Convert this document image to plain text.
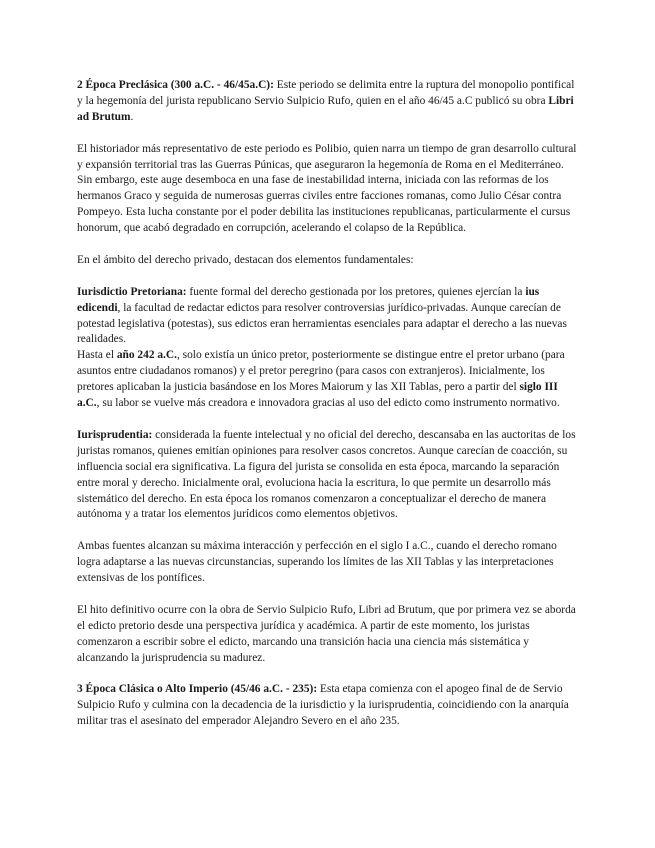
2 Época Preclásica (300 a.C. - 46/45a.C): Este periodo se delimita entre la ruptura del monopolio pontifical y la hegemonía del jurista republicano Servio Sulpicio Rufo, quien en el año 46/45 a.C publicó su obra Libri ad Brutum.

El historiador más representativo de este periodo es Polibio, quien narra un tiempo de gran desarrollo cultural y expansión territorial tras las Guerras Púnicas, que aseguraron la hegemonía de Roma en el Mediterráneo. Sin embargo, este auge desemboca en una fase de inestabilidad interna, iniciada con las reformas de los hermanos Graco y seguida de numerosas guerras civiles entre facciones romanas, como Julio César contra Pompeyo. Esta lucha constante por el poder debilita las instituciones republicanas, particularmente el cursus honorum, que acabó degradado en corrupción, acelerando el colapso de la República.

En el ámbito del derecho privado, destacan dos elementos fundamentales:

Iurisdictio Pretoriana: fuente formal del derecho gestionada por los pretores, quienes ejercían la ius edicendi, la facultad de redactar edictos para resolver controversias jurídico-privadas. Aunque carecían de potestad legislativa (potestas), sus edictos eran herramientas esenciales para adaptar el derecho a las nuevas realidades.

Hasta el año 242 a.C., solo existía un único pretor, posteriormente se distingue entre el pretor urbano (para asuntos entre ciudadanos romanos) y el pretor peregrino (para casos con extranjeros). Inicialmente, los pretores aplicaban la justicia basándose en los Mores Maiorum y las XII Tablas, pero a partir del siglo III a.C., su labor se vuelve más creadora e innovadora gracias al uso del edicto como instrumento normativo.

Iurisprudentia: considerada la fuente intelectual y no oficial del derecho, descansaba en las auctoritas de los juristas romanos, quienes emitían opiniones para resolver casos concretos. Aunque carecían de coacción, su influencia social era significativa. La figura del jurista se consolida en esta época, marcando la separación entre moral y derecho. Inicialmente oral, evoluciona hacia la escritura, lo que permite un desarrollo más sistemático del derecho. En esta época los romanos comenzaron a conceptualizar el derecho de manera autónoma y a tratar los elementos jurídicos como elementos objetivos.

Ambas fuentes alcanzan su máxima interacción y perfección en el siglo I a.C., cuando el derecho romano logra adaptarse a las nuevas circunstancias, superando los límites de las XII Tablas y las interpretaciones extensivas de los pontífices.

El hito definitivo ocurre con la obra de Servio Sulpicio Rufo, Libri ad Brutum, que por primera vez se aborda el edicto pretorio desde una perspectiva jurídica y académica. A partir de este momento, los juristas comenzaron a escribir sobre el edicto, marcando una transición hacia una ciencia más sistemática y alcanzando la jurisprudencia su madurez.

3 Época Clásica o Alto Imperio (45/46 a.C. - 235): Esta etapa comienza con el apogeo final de de Servio Sulpicio Rufo y culmina con la decadencia de la iurisdictio y la iurisprudentia, coincidiendo con la anarquía militar tras el asesinato del emperador Alejandro Severo en el año 235.
